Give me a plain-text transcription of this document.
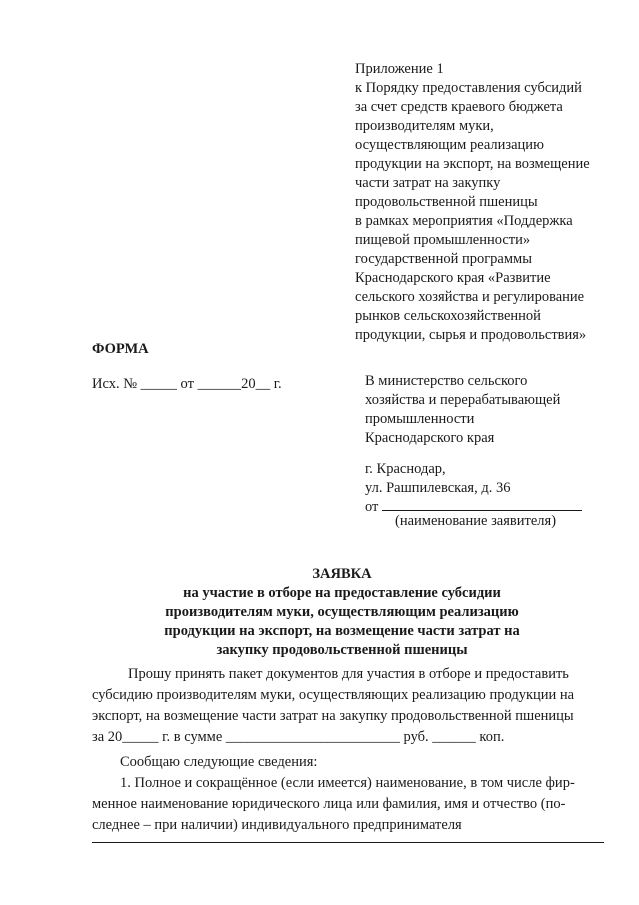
Приложение 1
к Порядку предоставления субсидий
за счет средств краевого бюджета
производителям муки,
осуществляющим реализацию
продукции на экспорт, на возмещение
части затрат на закупку
продовольственной пшеницы
в рамках мероприятия «Поддержка
пищевой промышленности»
государственной программы
Краснодарского края «Развитие
сельского хозяйства и регулирование
рынков сельскохозяйственной
продукции, сырья и продовольствия»
ФОРМА
Исх. № _____ от ______20__ г.	В министерство сельского
хозяйства и перерабатывающей
промышленности
Краснодарского края
г. Краснодар,
ул. Рашпилевская, д. 36
от
(наименование заявителя)
ЗАЯВКА
на участие в отборе на предоставление субсидии
производителям муки, осуществляющим реализацию
продукции на экспорт, на возмещение части затрат на
закупку продовольственной пшеницы
Прошу принять пакет документов для участия в отборе и предоставить
субсидию производителям муки, осуществляющих реализацию продукции на
экспорт, на возмещение части затрат на закупку продовольственной пшеницы
за 20_____ г. в сумме ________________________ руб. ______ коп.
Сообщаю следующие сведения:
1. Полное и сокращённое (если имеется) наименование, в том числе фир-
менное наименование юридического лица или фамилия, имя и отчество (по-
следнее – при наличии) индивидуального предпринимателя
